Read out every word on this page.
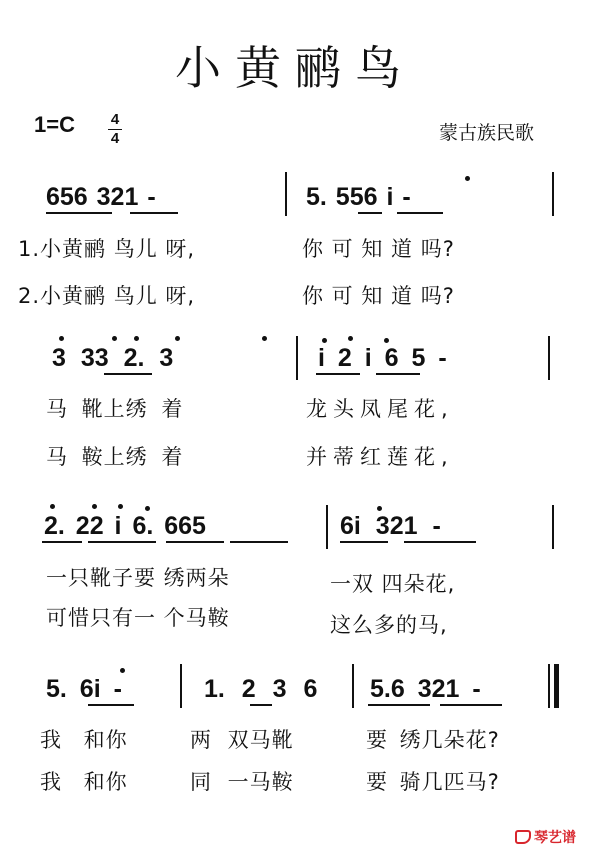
小黄鹂鸟
1=C 4
4	蒙古族民歌
656 321 -	5. 556 i -
1.小黄鹂 鸟儿 呀,	你 可 知 道 吗?
2.小黄鹂 鸟儿 呀,	你 可 知 道 吗?
3 33 2. 3	i 2 i 6 5 -
马 靴上绣 着	龙头凤尾花,
马 鞍上绣 着	并蒂红莲花,
2. 22 i 6. 665	6i 321 -
一只靴子要 绣两朵	一双 四朵花,
可惜只有一 个马鞍	这么多的马,
5. 6i -	1. 2 3 6 5.6 321 -
我 和你	两 双马靴	要 绣几朵花?
我 和你	同 一马鞍	要 骑几匹马?
琴艺谱
